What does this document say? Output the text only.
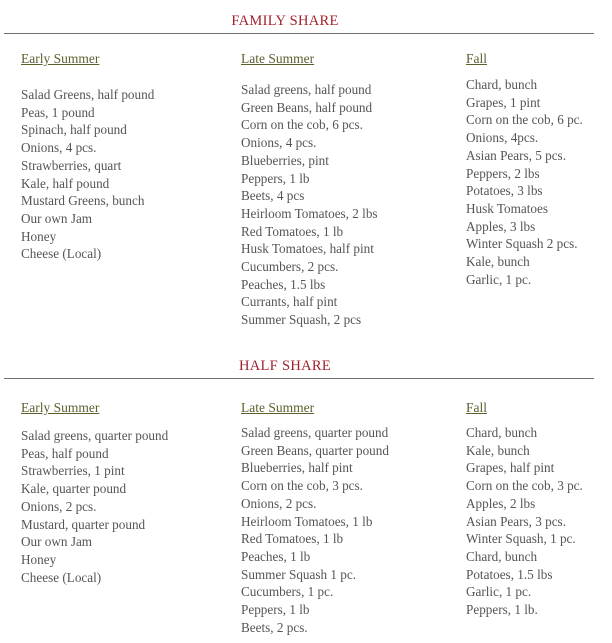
FAMILY SHARE
Early Summer
Salad Greens, half pound
Peas, 1 pound
Spinach, half pound
Onions, 4 pcs.
Strawberries, quart
Kale, half pound
Mustard Greens, bunch
Our own Jam
Honey
Cheese (Local)
Late Summer
Salad greens, half pound
Green Beans, half pound
Corn on the cob, 6 pcs.
Onions, 4 pcs.
Blueberries, pint
Peppers, 1 lb
Beets, 4 pcs
Heirloom Tomatoes, 2 lbs
Red Tomatoes, 1 lb
Husk Tomatoes, half pint
Cucumbers, 2 pcs.
Peaches, 1.5 lbs
Currants, half pint
Summer Squash, 2 pcs
Fall
Chard, bunch
Grapes, 1 pint
Corn on the cob, 6 pc.
Onions, 4pcs.
Asian Pears, 5 pcs.
Peppers, 2 lbs
Potatoes, 3 lbs
Husk Tomatoes
Apples, 3 lbs
Winter Squash 2 pcs.
Kale, bunch
Garlic, 1 pc.
HALF SHARE
Early Summer
Salad greens, quarter pound
Peas, half pound
Strawberries, 1 pint
Kale, quarter pound
Onions, 2 pcs.
Mustard, quarter pound
Our own Jam
Honey
Cheese (Local)
Late Summer
Salad greens, quarter pound
Green Beans, quarter pound
Blueberries, half pint
Corn on the cob, 3 pcs.
Onions, 2 pcs.
Heirloom Tomatoes, 1 lb
Red Tomatoes, 1 lb
Peaches, 1 lb
Summer Squash 1 pc.
Cucumbers, 1 pc.
Peppers, 1 lb
Beets, 2 pcs.
Fall
Chard, bunch
Kale, bunch
Grapes, half pint
Corn on the cob, 3 pc.
Apples, 2 lbs
Asian Pears, 3 pcs.
Winter Squash, 1 pc.
Chard, bunch
Potatoes, 1.5 lbs
Garlic, 1 pc.
Peppers, 1 lb.
